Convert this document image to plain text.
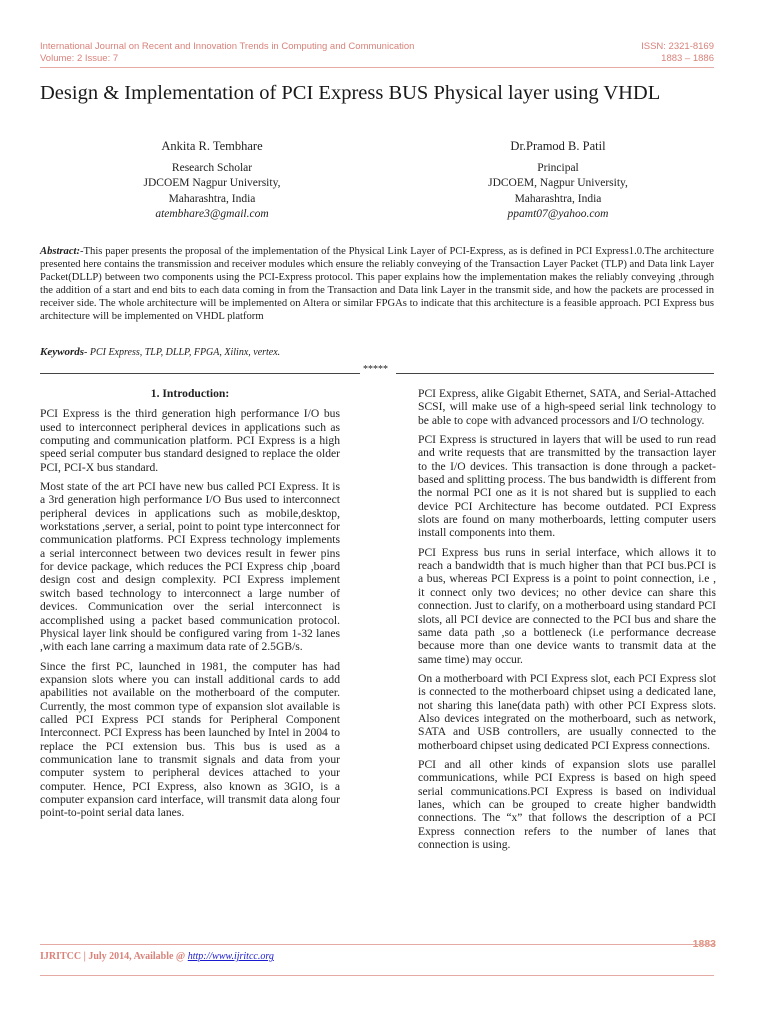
International Journal on Recent and Innovation Trends in Computing and Communication
Volume: 2 Issue: 7
ISSN: 2321-8169
1883 – 1886
Design & Implementation of PCI Express BUS Physical layer using VHDL
Ankita R. Tembhare
Research Scholar
JDCOEM Nagpur University,
Maharashtra, India
atembhare3@gmail.com
Dr.Pramod B. Patil
Principal
JDCOEM, Nagpur University,
Maharashtra, India
ppamt07@yahoo.com
Abstract:-This paper presents the proposal of the implementation of the Physical Link Layer of PCI-Express, as is defined in PCI Express1.0.The architecture presented here contains the transmission and receiver modules which ensure the reliably conveying of the Transaction Layer Packet (TLP) and Data link Layer Packet(DLLP) between two components using the PCI-Express protocol. This paper explains how the implementation makes the reliably conveying ,through the addition of a start and end bits to each data coming in from the Transaction and Data link Layer in the transmit side, and how the packets are processed in receiver side. The whole architecture will be implemented on Altera or similar FPGAs to indicate that this architecture is a feasible approach. PCI Express bus architecture will be implemented on VHDL platform
Keywords- PCI Express, TLP, DLLP, FPGA, Xilinx, vertex.
*****

1. Introduction:

PCI Express is the third generation high performance I/O bus used to interconnect peripheral devices in applications such as computing and communication platform. PCI Express is a high speed serial computer bus standard designed to replace the older PCI, PCI-X bus standard.

Most state of the art PCI have new bus called PCI Express. It is a 3rd generation high performance I/O Bus used to interconnect peripheral devices in applications such as mobile,desktop, workstations ,server, a serial, point to point type interconnect for communication platforms. PCI Express technology implements a serial interconnect between two devices result in fewer pins for device package, which reduces the PCI Express chip ,board design cost and design complexity. PCI Express implement switch based technology to interconnect a large number of devices. Communication over the serial interconnect is accomplished using a packet based communication protocol. Physical layer link should be configured varing from 1-32 lanes ,with each lane carring a maximum data rate of 2.5GB/s.

Since the first PC, launched in 1981, the computer has had expansion slots where you can install additional cards to add apabilities not available on the motherboard of the computer. Currently, the most common type of expansion slot available is called PCI Express PCI stands for Peripheral Component Interconnect. PCI Express has been launched by Intel in 2004 to replace the PCI extension bus. This bus is used as a communication lane to transmit signals and data from your computer system to peripheral devices attached to your computer. Hence, PCI Express, also known as 3GIO, is a computer expansion card interface, will transmit data along four point-to-point serial data lanes.

PCI Express, alike Gigabit Ethernet, SATA, and Serial-Attached SCSI, will make use of a high-speed serial link technology to be able to cope with advanced processors and I/O technology.

PCI Express is structured in layers that will be used to run read and write requests that are transmitted by the transaction layer to the I/O devices. This transaction is done through a packet-based and splitting process. The bus bandwidth is different from the normal PCI one as it is not shared but is supplied to each device PCI Architecture has become outdated. PCI Express slots are found on many motherboards, letting computer users install components into them.

PCI Express bus runs in serial interface, which allows it to reach a bandwidth that is much higher than that PCI bus.PCI is a bus, whereas PCI Express is a point to point connection, i.e , it connect only two devices; no other device can share this connection. Just to clarify, on a motherboard using standard PCI slots, all PCI device are connected to the PCI bus and share the same data path ,so a bottleneck (i.e performance decrease because more than one device wants to transmit data at the same time) may occur.

On a motherboard with PCI Express slot, each PCI Express slot is connected to the motherboard chipset using a dedicated lane, not sharing this lane(data path) with other PCI Express slots. Also devices integrated on the motherboard, such as network, SATA and USB controllers, are usually connected to the motherboard chipset using dedicated PCI Express connections.

PCI and all other kinds of expansion slots use parallel communications, while PCI Express is based on high speed serial communications.PCI Express is based on individual lanes, which can be grouped to create higher bandwidth connections. The “x” that follows the description of a PCI Express connection refers to the number of lanes that connection is using.

1883
IJRITCC | July 2014, Available @ http://www.ijritcc.org
